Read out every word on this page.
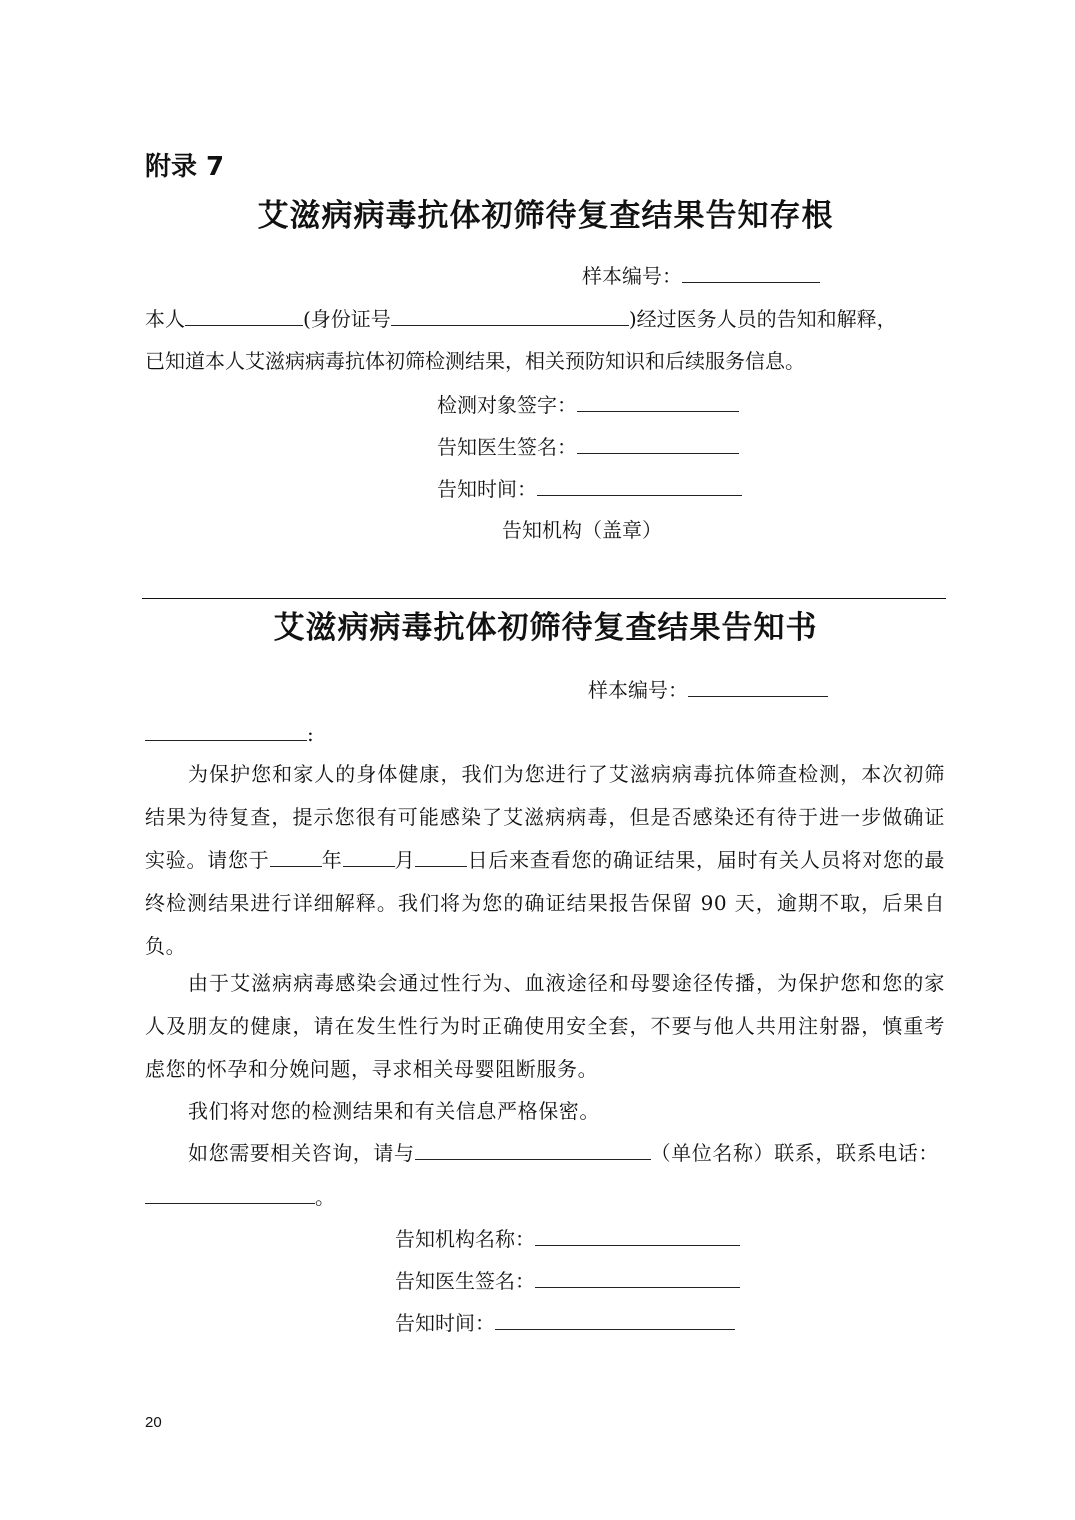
附录 7
艾滋病病毒抗体初筛待复查结果告知存根
样本编号：
本人	(身份证号	)经过医务人员的告知和解释，
已知道本人艾滋病病毒抗体初筛检测结果，相关预防知识和后续服务信息。
检测对象签字：
告知医生签名：
告知时间：
告知机构（盖章）
艾滋病病毒抗体初筛待复查结果告知书
样本编号：
:
为保护您和家人的身体健康，我们为您进行了艾滋病病毒抗体筛查检测，本次初筛结果为待复查，提示您很有可能感染了艾滋病病毒，但是否感染还有待于进一步做确证实验。请您于	年	月	日后来查看您的确证结果，届时有关人员将对您的最终检测结果进行详细解释。我们将为您的确证结果报告保留 90 天，逾期不取，后果自负。
由于艾滋病病毒感染会通过性行为、血液途径和母婴途径传播，为保护您和您的家人及朋友的健康，请在发生性行为时正确使用安全套，不要与他人共用注射器，慎重考虑您的怀孕和分娩问题，寻求相关母婴阻断服务。
我们将对您的检测结果和有关信息严格保密。
如您需要相关咨询，请与	（单位名称）联系，联系电话：
。
告知机构名称：
告知医生签名：
告知时间：
20
